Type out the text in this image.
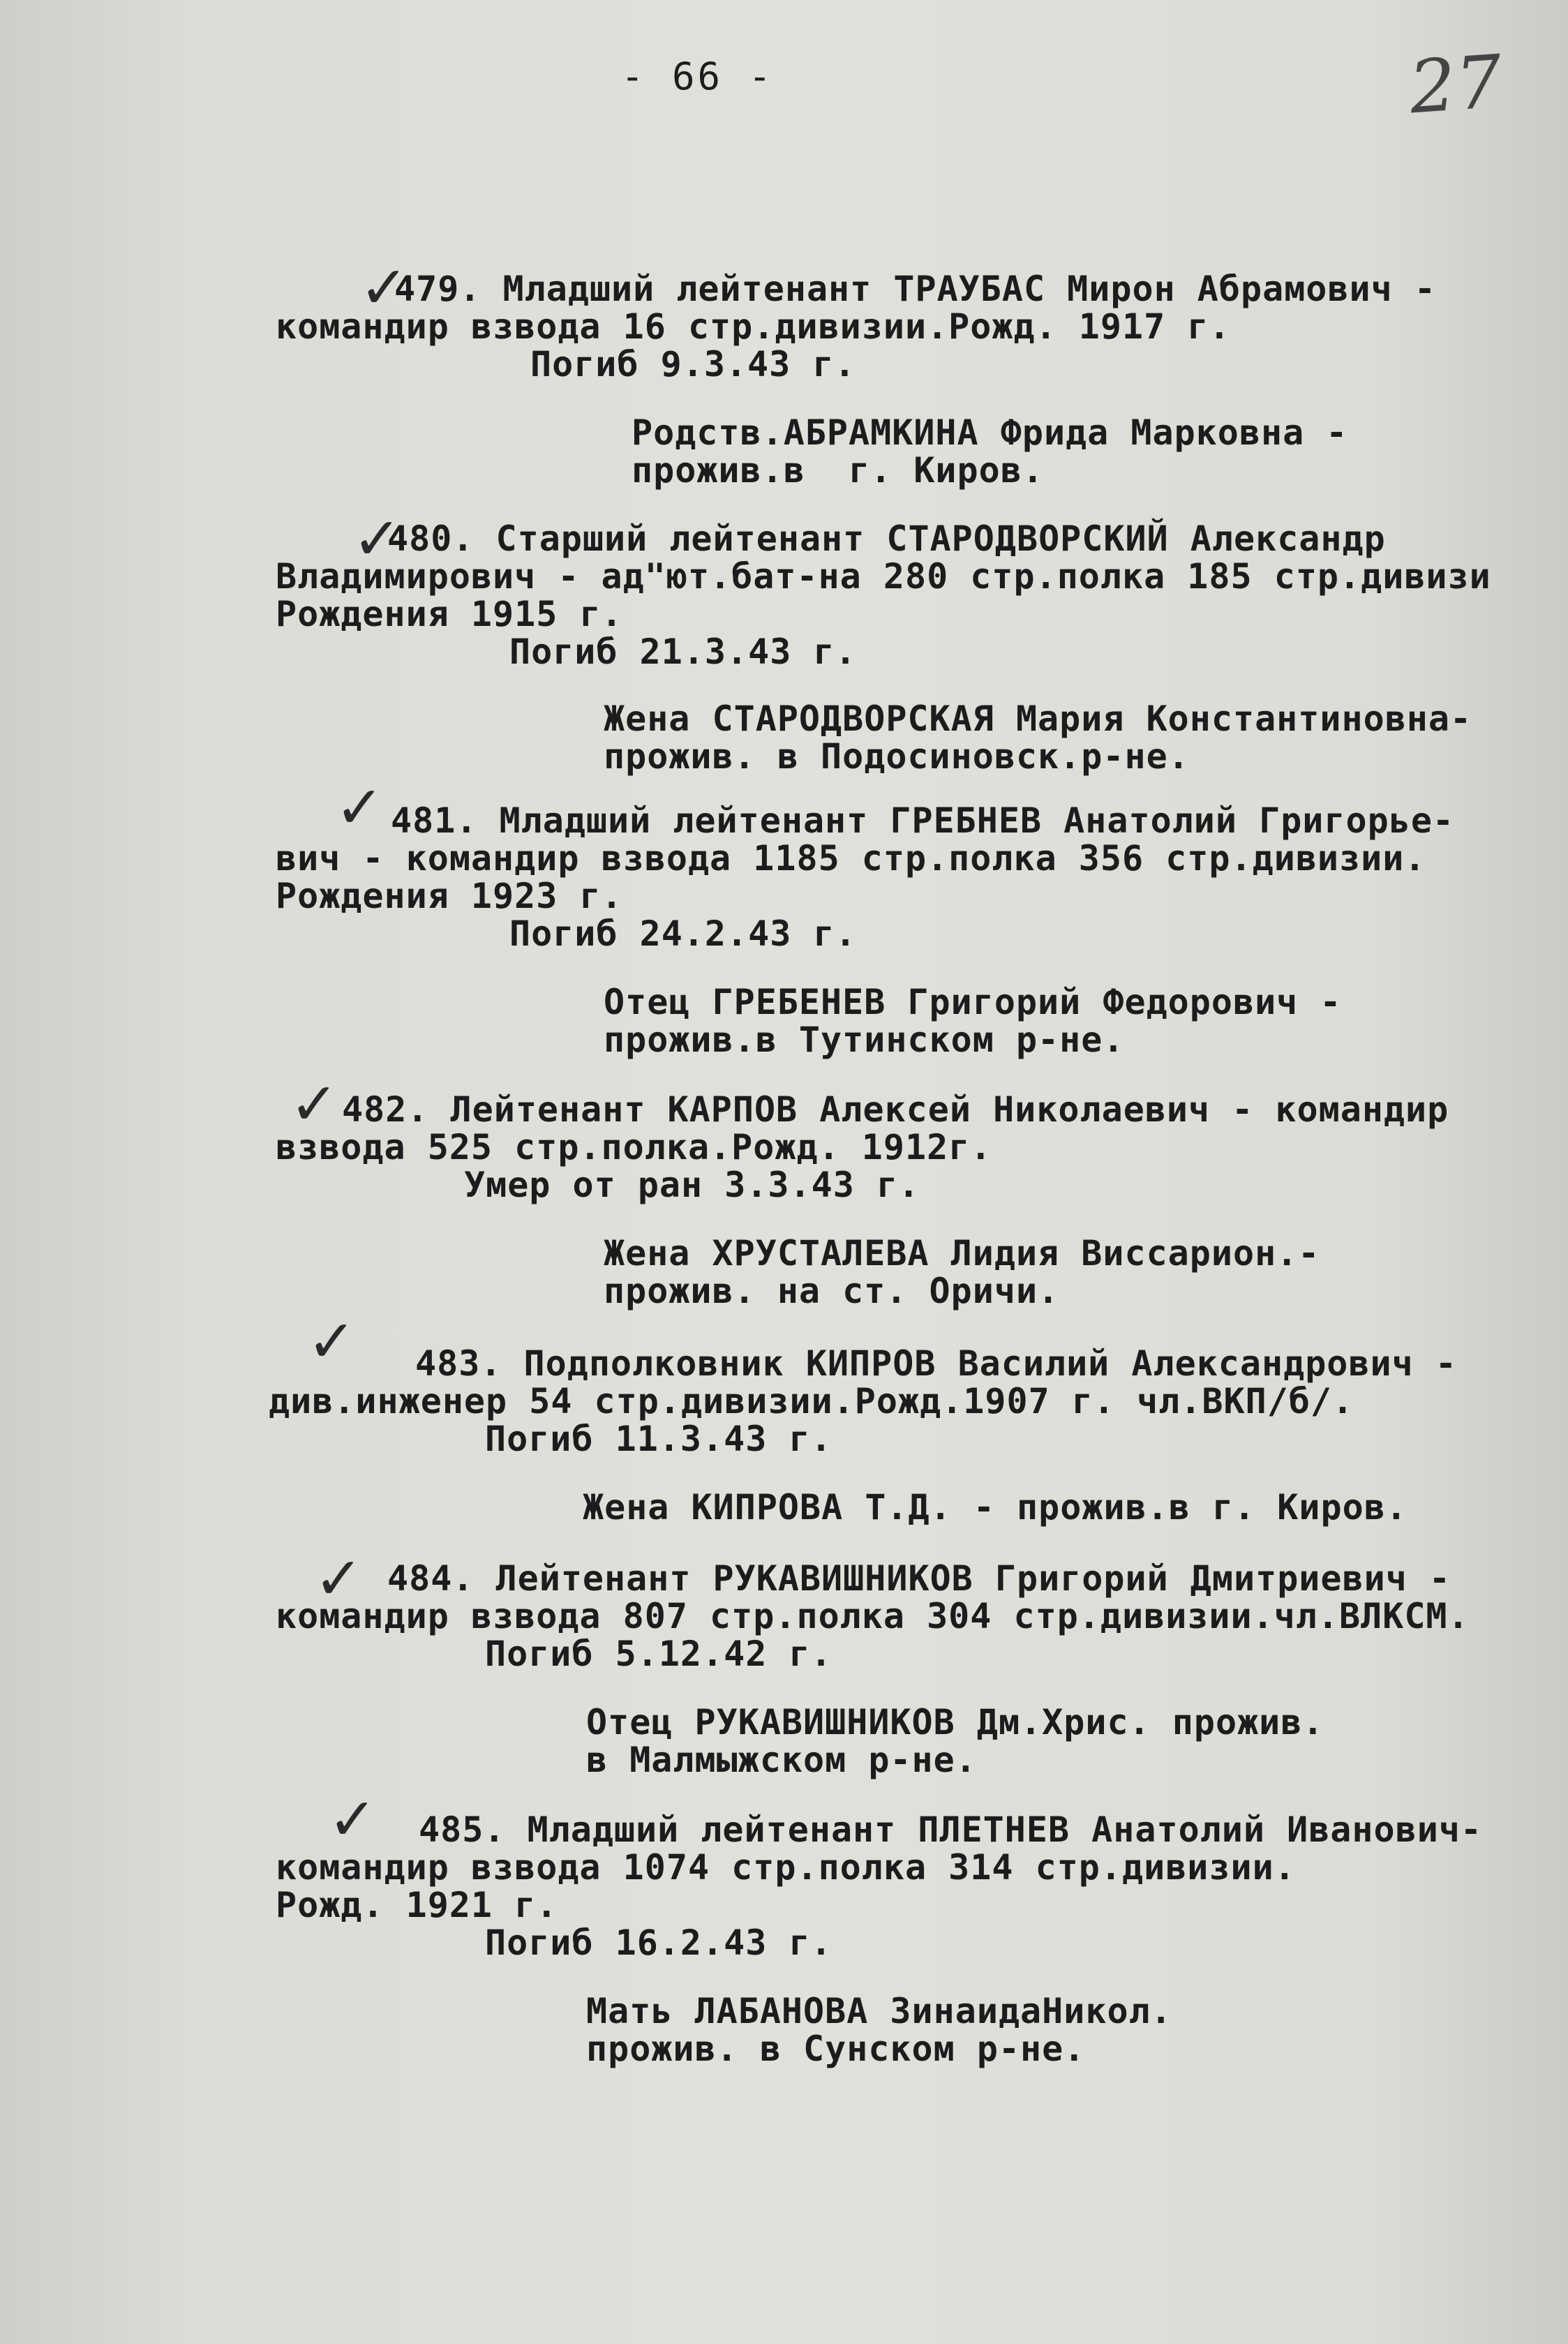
- 66 -	27
✓
479. Младший лейтенант ТРАУБАС Мирон Абрамович -
командир взвода 16 стр.дивизии.Рожд. 1917 г.
Погиб 9.3.43 г.
Родств.АБРАМКИНА Фрида Марковна -
прожив.в  г. Киров.
✓
480. Старший лейтенант СТАРОДВОРСКИЙ Александр
Владимирович - ад"ют.бат-на 280 стр.полка 185 стр.дивизи
Рождения 1915 г.
Погиб 21.3.43 г.
Жена СТАРОДВОРСКАЯ Мария Константиновна-
прожив. в Подосиновск.р-не.
✓ 481. Младший лейтенант ГРЕБНЕВ Анатолий Григорье-
вич - командир взвода 1185 стр.полка 356 стр.дивизии.
Рождения 1923 г.
Погиб 24.2.43 г.
Отец ГРЕБЕНЕВ Григорий Федорович -
прожив.в Тутинском р-не.
✓ 482. Лейтенант КАРПОВ Алексей Николаевич - командир
взвода 525 стр.полка.Рожд. 1912г.
Умер от ран 3.3.43 г.
Жена ХРУСТАЛЕВА Лидия Виссарион.-
прожив. на ст. Оричи.
✓ 483. Подполковник КИПРОВ Василий Александрович -
див.инженер 54 стр.дивизии.Рожд.1907 г. чл.ВКП/б/.
Погиб 11.3.43 г.
Жена КИПРОВА Т.Д. - прожив.в г. Киров.
✓ 484. Лейтенант РУКАВИШНИКОВ Григорий Дмитриевич -
командир взвода 807 стр.полка 304 стр.дивизии.чл.ВЛКСМ.
Погиб 5.12.42 г.
Отец РУКАВИШНИКОВ Дм.Хрис. прожив.
в Малмыжском р-не.
✓ 485. Младший лейтенант ПЛЕТНЕВ Анатолий Иванович-
командир взвода 1074 стр.полка 314 стр.дивизии.
Рожд. 1921 г.
Погиб 16.2.43 г.
Мать ЛАБАНОВА ЗинаидаНикол.
прожив. в Сунском р-не.
